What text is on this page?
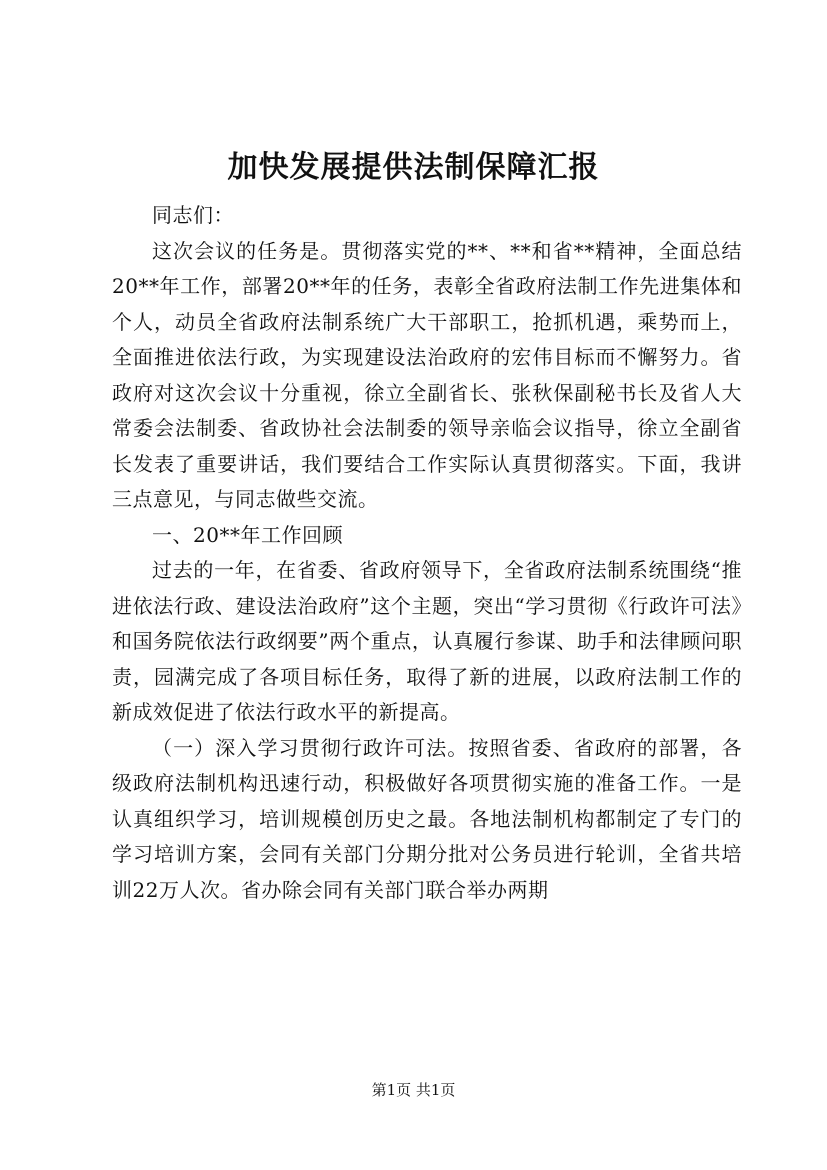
加快发展提供法制保障汇报

同志们：

这次会议的任务是。贯彻落实党的**、**和省**精神，全面总结20**年工作，部署20**年的任务，表彰全省政府法制工作先进集体和个人，动员全省政府法制系统广大干部职工，抢抓机遇，乘势而上，全面推进依法行政，为实现建设法治政府的宏伟目标而不懈努力。省政府对这次会议十分重视，徐立全副省长、张秋保副秘书长及省人大常委会法制委、省政协社会法制委的领导亲临会议指导，徐立全副省长发表了重要讲话，我们要结合工作实际认真贯彻落实。下面，我讲三点意见，与同志做些交流。

一、20**年工作回顾

过去的一年，在省委、省政府领导下，全省政府法制系统围绕“推进依法行政、建设法治政府”这个主题，突出“学习贯彻《行政许可法》和国务院依法行政纲要”两个重点，认真履行参谋、助手和法律顾问职责，园满完成了各项目标任务，取得了新的进展，以政府法制工作的新成效促进了依法行政水平的新提高。

（一）深入学习贯彻行政许可法。按照省委、省政府的部署，各级政府法制机构迅速行动，积极做好各项贯彻实施的准备工作。一是认真组织学习，培训规模创历史之最。各地法制机构都制定了专门的学习培训方案，会同有关部门分期分批对公务员进行轮训，全省共培训22万人次。省办除会同有关部门联合举办两期

第1页 共1页
